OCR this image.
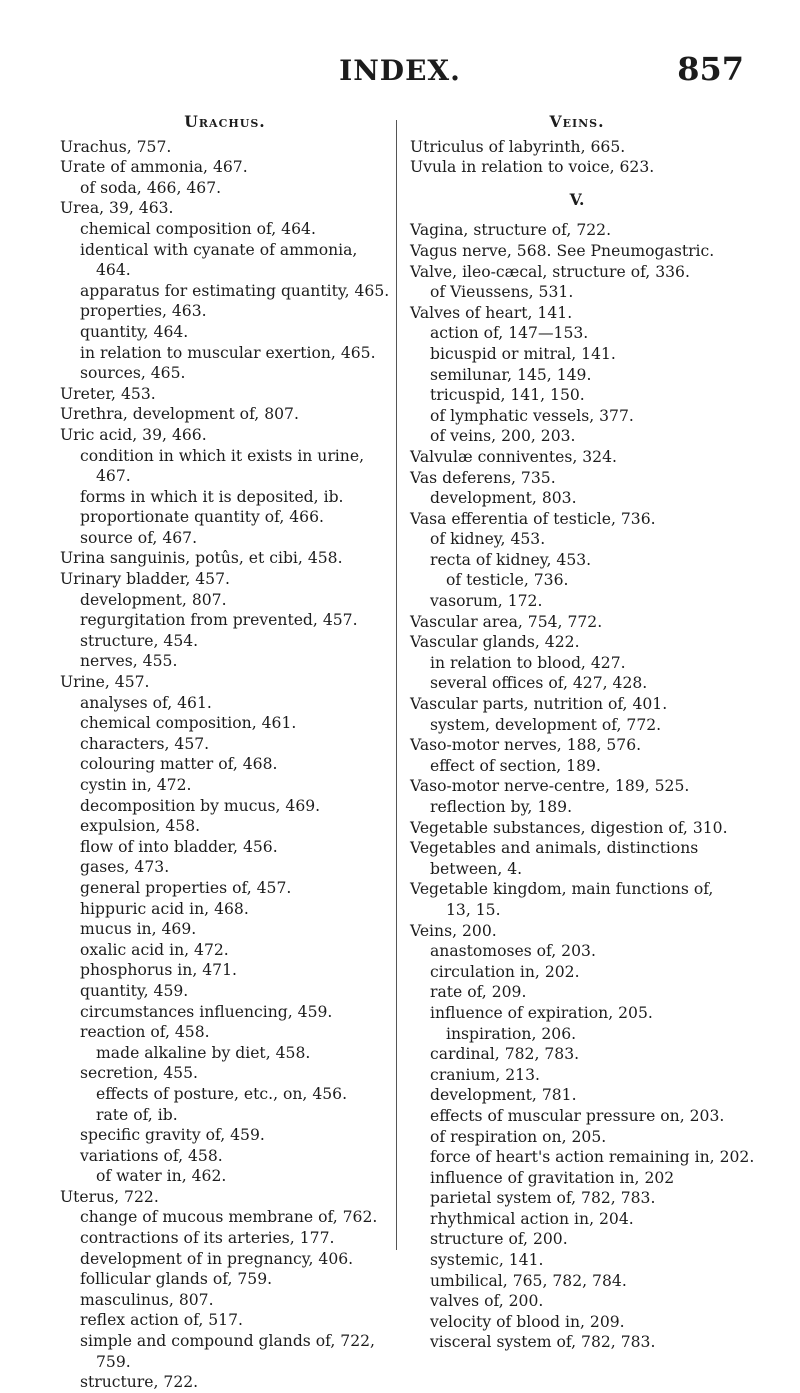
INDEX.	857
Urachus.
Urachus, 757.
Urate of ammonia, 467.
of soda, 466, 467.
Urea, 39, 463.
chemical composition of, 464.
identical with cyanate of ammonia,
464.
apparatus for estimating quantity, 465.
properties, 463.
quantity, 464.
in relation to muscular exertion, 465.
sources, 465.
Ureter, 453.
Urethra, development of, 807.
Uric acid, 39, 466.
condition in which it exists in urine,
467.
forms in which it is deposited, ib.
proportionate quantity of, 466.
source of, 467.
Urina sanguinis, potûs, et cibi, 458.
Urinary bladder, 457.
development, 807.
regurgitation from prevented, 457.
structure, 454.
nerves, 455.
Urine, 457.
analyses of, 461.
chemical composition, 461.
characters, 457.
colouring matter of, 468.
cystin in, 472.
decomposition by mucus, 469.
expulsion, 458.
flow of into bladder, 456.
gases, 473.
general properties of, 457.
hippuric acid in, 468.
mucus in, 469.
oxalic acid in, 472.
phosphorus in, 471.
quantity, 459.
circumstances influencing, 459.
reaction of, 458.
made alkaline by diet, 458.
secretion, 455.
effects of posture, etc., on, 456.
rate of, ib.
specific gravity of, 459.
variations of, 458.
of water in, 462.
Uterus, 722.
change of mucous membrane of, 762.
contractions of its arteries, 177.
development of in pregnancy, 406.
follicular glands of, 759.
masculinus, 807.
reflex action of, 517.
simple and compound glands of, 722,
759.
structure, 722.
Veins.
Utriculus of labyrinth, 665.
Uvula in relation to voice, 623.
V.
Vagina, structure of, 722.
Vagus nerve, 568. See Pneumogastric.
Valve, ileo-cæcal, structure of, 336.
of Vieussens, 531.
Valves of heart, 141.
action of, 147—153.
bicuspid or mitral, 141.
semilunar, 145, 149.
tricuspid, 141, 150.
of lymphatic vessels, 377.
of veins, 200, 203.
Valvulæ conniventes, 324.
Vas deferens, 735.
development, 803.
Vasa efferentia of testicle, 736.
of kidney, 453.
recta of kidney, 453.
of testicle, 736.
vasorum, 172.
Vascular area, 754, 772.
Vascular glands, 422.
in relation to blood, 427.
several offices of, 427, 428.
Vascular parts, nutrition of, 401.
system, development of, 772.
Vaso-motor nerves, 188, 576.
effect of section, 189.
Vaso-motor nerve-centre, 189, 525.
reflection by, 189.
Vegetable substances, digestion of, 310.
Vegetables and animals, distinctions
between, 4.
Vegetable kingdom, main functions of,
13, 15.
Veins, 200.
anastomoses of, 203.
circulation in, 202.
rate of, 209.
influence of expiration, 205.
inspiration, 206.
cardinal, 782, 783.
cranium, 213.
development, 781.
effects of muscular pressure on, 203.
of respiration on, 205.
force of heart's action remaining in, 202.
influence of gravitation in, 202
parietal system of, 782, 783.
rhythmical action in, 204.
structure of, 200.
systemic, 141.
umbilical, 765, 782, 784.
valves of, 200.
velocity of blood in, 209.
visceral system of, 782, 783.
